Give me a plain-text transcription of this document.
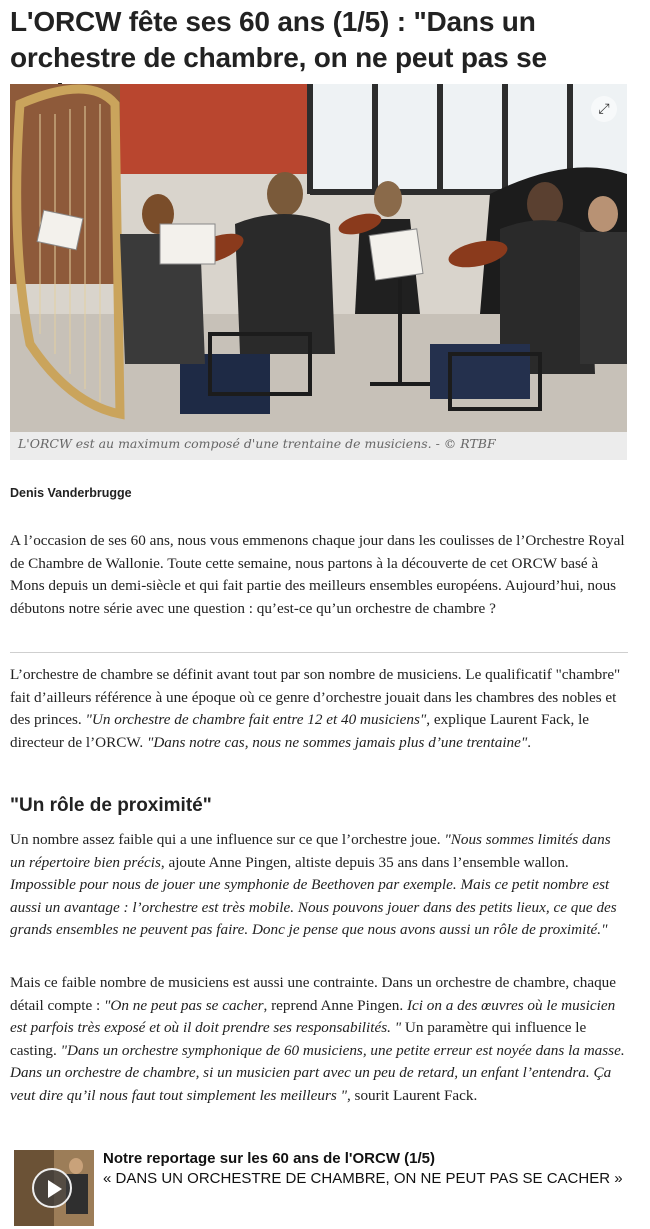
L'ORCW fête ses 60 ans (1/5) : "Dans un orchestre de chambre, on ne peut pas se
⤢
L'ORCW est au maximum composé d'une trentaine de musiciens. - © RTBF
Denis Vanderbrugge

A l’occasion de ses 60 ans, nous vous emmenons chaque jour dans les coulisses de l’Orchestre Royal de Chambre de Wallonie. Toute cette semaine, nous partons à la découverte de cet ORCW basé à Mons depuis un demi-siècle et qui fait partie des meilleurs ensembles européens. Aujourd’hui, nous débutons notre série avec une question : qu’est-ce qu’un orchestre de chambre ?

L’orchestre de chambre se définit avant tout par son nombre de musiciens. Le qualificatif "chambre" fait d’ailleurs référence à une époque où ce genre d’orchestre jouait dans les chambres des nobles et des princes. "Un orchestre de chambre fait entre 12 et 40 musiciens", explique Laurent Fack, le directeur de l’ORCW. "Dans notre cas, nous ne sommes jamais plus d’une trentaine".

"Un rôle de proximité"

Un nombre assez faible qui a une influence sur ce que l’orchestre joue. "Nous sommes limités dans un répertoire bien précis, ajoute Anne Pingen, altiste depuis 35 ans dans l’ensemble wallon. Impossible pour nous de jouer une symphonie de Beethoven par exemple. Mais ce petit nombre est aussi un avantage : l’orchestre est très mobile. Nous pouvons jouer dans des petits lieux, ce que des grands ensembles ne peuvent pas faire. Donc je pense que nous avons aussi un rôle de proximité."

Mais ce faible nombre de musiciens est aussi une contrainte. Dans un orchestre de chambre, chaque détail compte : "On ne peut pas se cacher, reprend Anne Pingen. Ici on a des œuvres où le musicien est parfois très exposé et où il doit prendre ses responsabilités. " Un paramètre qui influence le casting. "Dans un orchestre symphonique de 60 musiciens, une petite erreur est noyée dans la masse. Dans un orchestre de chambre, si un musicien part avec un peu de retard, un enfant l’entendra. Ça veut dire qu’il nous faut tout simplement les meilleurs ", sourit Laurent Fack.

Notre reportage sur les 60 ans de l'ORCW (1/5)
« DANS UN ORCHESTRE DE CHAMBRE, ON NE PEUT PAS SE CACHER »
